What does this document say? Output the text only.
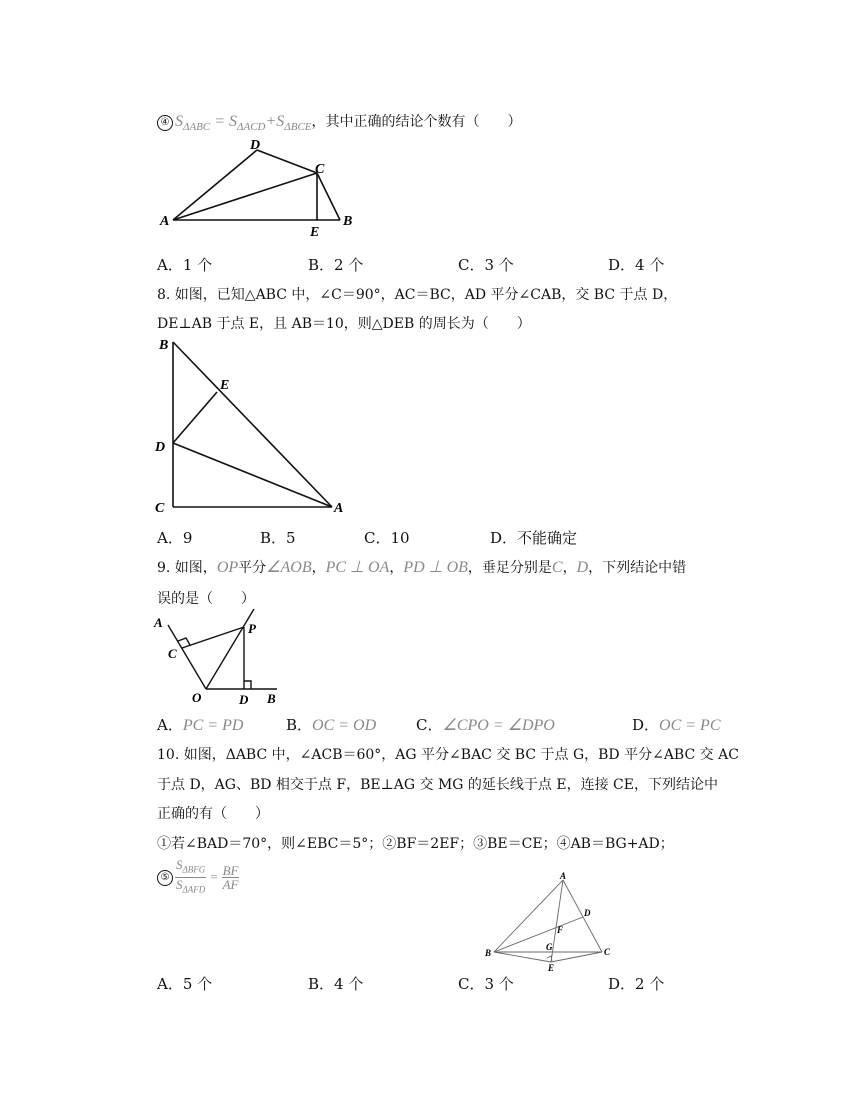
④ $S_{\Delta ABC} = S_{\Delta ACD}+S_{\Delta BCE}$，其中正确的结论个数有（　　）
A
D
C
E
B
A．1 个	B．2 个	C．3 个	D．4 个
8. 如图，已知△ABC 中，∠C＝90°，AC＝BC，AD 平分∠CAB，交 BC 于点 D，
DE⊥AB 于点 E，且 AB＝10，则△DEB 的周长为（　　）
B
E
D
C	A
A．9	B．5	C．10	D．不能确定
9. 如图，OP平分∠AOB，PC ⊥ OA，PD ⊥ OB，垂足分别是C，D，下列结论中错
误的是（　　）
A
C
P
O	D B
A．PC = PD	B．OC = OD	C．∠CPO = ∠DPO	D．OC = PC
10. 如图，ΔABC 中，∠ACB＝60°，AG 平分∠BAC 交 BC 于点 G，BD 平分∠ABC 交 AC
于点 D，AG、BD 相交于点 F，BE⊥AG 交 MG 的延长线于点 E，连接 CE，下列结论中
正确的有（　　）
①若∠BAD＝70°，则∠EBC＝5°；②BF＝2EF；③BE＝CE；④AB＝BG+AD；
⑤ $\frac{S_{\Delta BFG}}{S_{\Delta AFD}} = \frac{BF}{AF}$	A
D
F
G
B	C
E
A．5 个	B．4 个	C．3 个	D．2 个
